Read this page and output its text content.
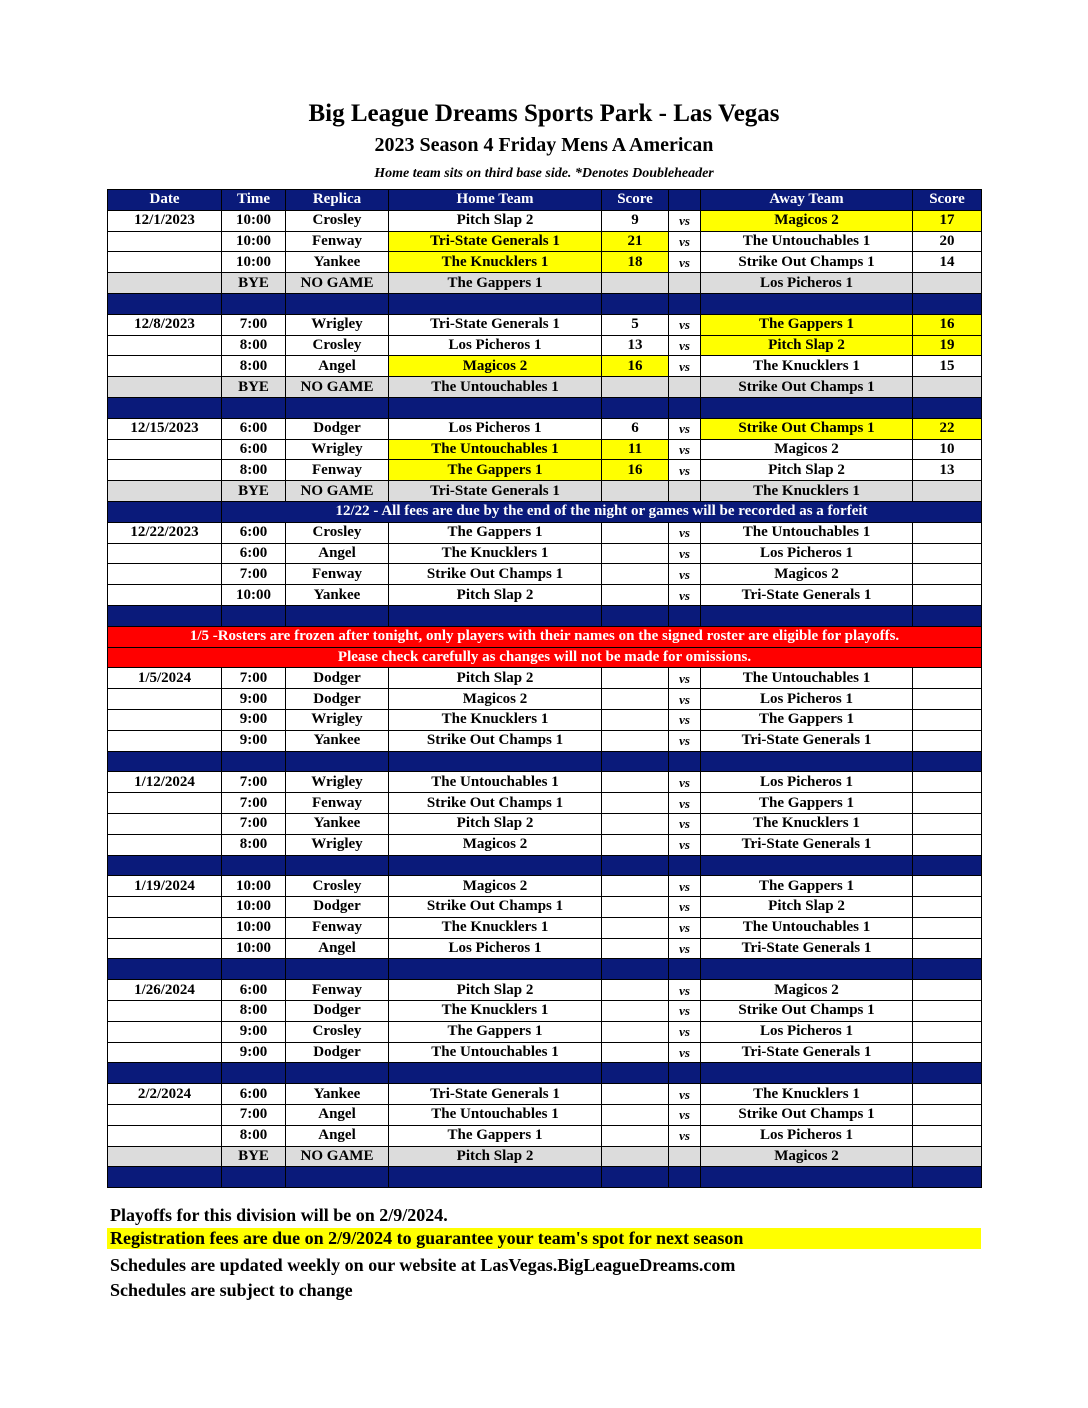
Big League Dreams Sports Park - Las Vegas
2023 Season 4 Friday Mens A American
Home team sits on third base side. *Denotes Doubleheader
Date	Time	Replica	Home Team	Score		Away Team	Score
12/1/2023	10:00	Crosley	Pitch Slap 2	9	vs	Magicos 2	17
	10:00	Fenway	Tri-State Generals 1	21	vs	The Untouchables 1	20
	10:00	Yankee	The Knucklers 1	18	vs	Strike Out Champs 1	14
	BYE	NO GAME	The Gappers 1			Los Picheros 1	

12/8/2023	7:00	Wrigley	Tri-State Generals 1	5	vs	The Gappers 1	16
	8:00	Crosley	Los Picheros 1	13	vs	Pitch Slap 2	19
	8:00	Angel	Magicos 2	16	vs	The Knucklers 1	15
	BYE	NO GAME	The Untouchables 1			Strike Out Champs 1	

12/15/2023	6:00	Dodger	Los Picheros 1	6	vs	Strike Out Champs 1	22
	6:00	Wrigley	The Untouchables 1	11	vs	Magicos 2	10
	8:00	Fenway	The Gappers 1	16	vs	Pitch Slap 2	13
	BYE	NO GAME	Tri-State Generals 1			The Knucklers 1	
	12/22 - All fees are due by the end of the night or games will be recorded as a forfeit						
12/22/2023	6:00	Crosley	The Gappers 1		vs	The Untouchables 1	
	6:00	Angel	The Knucklers 1		vs	Los Picheros 1	
	7:00	Fenway	Strike Out Champs 1		vs	Magicos 2	
	10:00	Yankee	Pitch Slap 2		vs	Tri-State Generals 1	

1/5 -Rosters are frozen after tonight, only players with their names on the signed roster are eligible for playoffs.							
Please check carefully as changes will not be made for omissions.							
1/5/2024	7:00	Dodger	Pitch Slap 2		vs	The Untouchables 1	
	9:00	Dodger	Magicos 2		vs	Los Picheros 1	
	9:00	Wrigley	The Knucklers 1		vs	The Gappers 1	
	9:00	Yankee	Strike Out Champs 1		vs	Tri-State Generals 1	

1/12/2024	7:00	Wrigley	The Untouchables 1		vs	Los Picheros 1	
	7:00	Fenway	Strike Out Champs 1		vs	The Gappers 1	
	7:00	Yankee	Pitch Slap 2		vs	The Knucklers 1	
	8:00	Wrigley	Magicos 2		vs	Tri-State Generals 1	

1/19/2024	10:00	Crosley	Magicos 2		vs	The Gappers 1	
	10:00	Dodger	Strike Out Champs 1		vs	Pitch Slap 2	
	10:00	Fenway	The Knucklers 1		vs	The Untouchables 1	
	10:00	Angel	Los Picheros 1		vs	Tri-State Generals 1	

1/26/2024	6:00	Fenway	Pitch Slap 2		vs	Magicos 2	
	8:00	Dodger	The Knucklers 1		vs	Strike Out Champs 1	
	9:00	Crosley	The Gappers 1		vs	Los Picheros 1	
	9:00	Dodger	The Untouchables 1		vs	Tri-State Generals 1	

2/2/2024	6:00	Yankee	Tri-State Generals 1		vs	The Knucklers 1	
	7:00	Angel	The Untouchables 1		vs	Strike Out Champs 1	
	8:00	Angel	The Gappers 1		vs	Los Picheros 1	
	BYE	NO GAME	Pitch Slap 2			Magicos 2	

Playoffs for this division will be on 2/9/2024.
Registration fees are due on 2/9/2024 to guarantee your team's spot for next season
Schedules are updated weekly on our website at LasVegas.BigLeagueDreams.com
Schedules are subject to change
